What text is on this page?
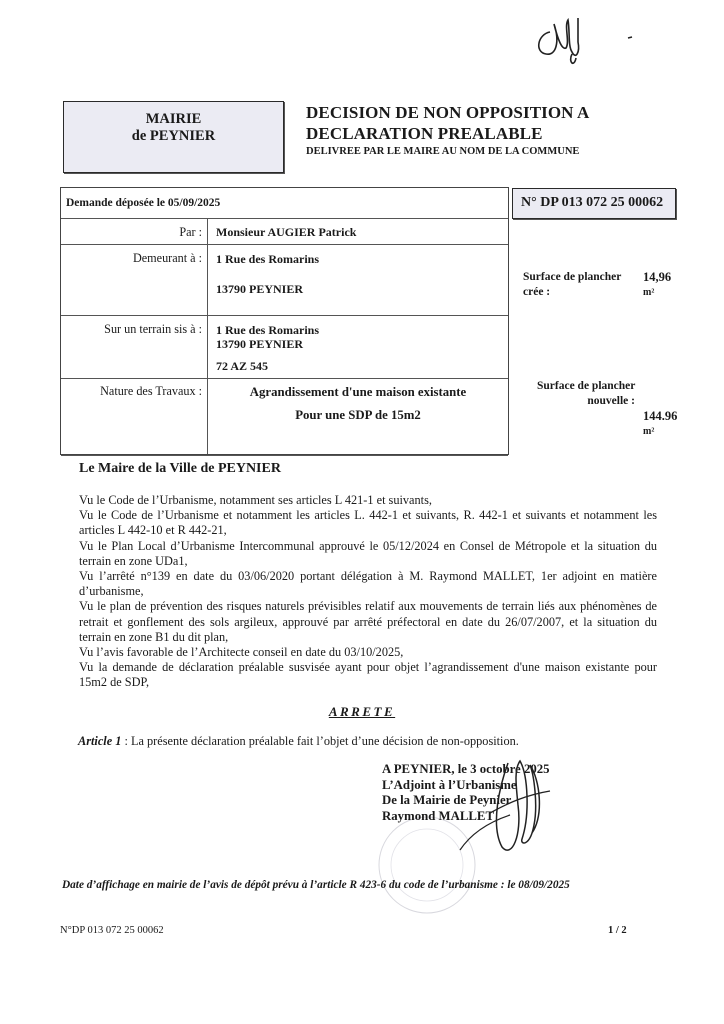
MAIRIE
de PEYNIER
DECISION DE NON OPPOSITION A
DECLARATION PREALABLE
DELIVREE PAR LE MAIRE AU NOM DE LA COMMUNE
Demande déposée le 05/09/2025
Par : Monsieur AUGIER Patrick
Demeurant à : 1 Rue des Romarins
13790 PEYNIER
Sur un terrain sis à : 1 Rue des Romarins
13790 PEYNIER
72 AZ 545
Nature des Travaux :	Agrandissement d'une maison existante
Pour une SDP de 15m2
N° DP 013 072 25 00062
Surface de plancher
crée :
14,96
m²
Surface de plancher
nouvelle :
144.96
m²
Le Maire de la Ville de PEYNIER

Vu le Code de l’Urbanisme, notamment ses articles L 421-1 et suivants,

Vu le Code de l’Urbanisme et notamment les articles L. 442-1 et suivants, R. 442-1 et suivants et notamment les articles L 442-10 et R 442-21,

Vu le Plan Local d’Urbanisme Intercommunal approuvé le 05/12/2024 en Consel de Métropole et la situation du terrain en zone UDa1,

Vu l’arrêté n°139 en date du 03/06/2020 portant délégation à M. Raymond MALLET, 1er adjoint en matière d’urbanisme,

Vu le plan de prévention des risques naturels prévisibles relatif aux mouvements de terrain liés aux phénomènes de retrait et gonflement des sols argileux, approuvé par arrêté préfectoral en date du 26/07/2007, et la situation du terrain en zone B1 du dit plan,

Vu l’avis favorable de l’Architecte conseil en date du 03/10/2025,

Vu la demande de déclaration préalable susvisée ayant pour objet l’agrandissement d'une maison existante pour 15m2 de SDP,

ARRETE
Article 1 : La présente déclaration préalable fait l’objet d’une décision de non-opposition.
A PEYNIER, le 3 octobre 2025
L’Adjoint à l’Urbanisme
De la Mairie de Peynier
Raymond MALLET
Date d’affichage en mairie de l’avis de dépôt prévu à l’article R 423-6 du code de l’urbanisme : le 08/09/2025
N°DP 013 072 25 00062	1 / 2
